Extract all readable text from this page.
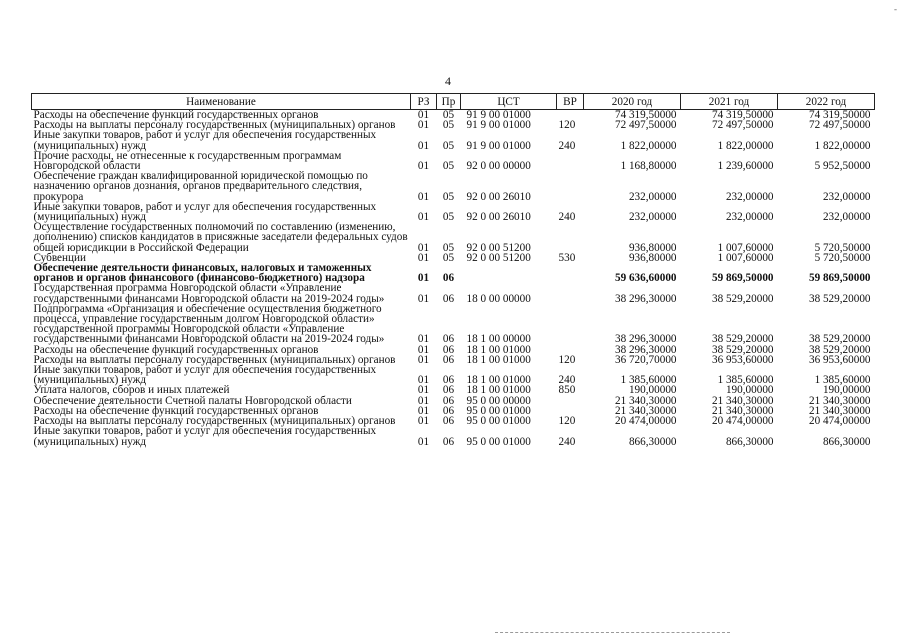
4
Наименование	РЗ	Пр	ЦСТ	ВР	2020 год	2021 год	2022 год
Расходы на обеспечение функций государственных органов	01	05	91 9 00 01000		74 319,50000	74 319,50000	74 319,50000
Расходы на выплаты персоналу государственных (муниципальных) органов	01	05	91 9 00 01000	120	72 497,50000	72 497,50000	72 497,50000
Иные закупки товаров, работ и услуг для обеспечения государственных (муниципальных) нужд	01	05	91 9 00 01000	240	1 822,00000	1 822,00000	1 822,00000
Прочие расходы, не отнесенные к государственным программам Новгородской области	01	05	92 0 00 00000		1 168,80000	1 239,60000	5 952,50000
Обеспечение граждан квалифицированной юридической помощью по назначению органов дознания, органов предварительного следствия, прокурора	01	05	92 0 00 26010		232,00000	232,00000	232,00000
Иные закупки товаров, работ и услуг для обеспечения государственных (муниципальных) нужд	01	05	92 0 00 26010	240	232,00000	232,00000	232,00000
Осуществление государственных полномочий по составлению (изменению, дополнению) списков кандидатов в присяжные заседатели федеральных судов общей юрисдикции в Российской Федерации	01	05	92 0 00 51200		936,80000	1 007,60000	5 720,50000
Субвенции	01	05	92 0 00 51200	530	936,80000	1 007,60000	5 720,50000
Обеспечение деятельности финансовых, налоговых и таможенных органов и органов финансового (финансово-бюджетного) надзора	01	06			59 636,60000	59 869,50000	59 869,50000
Государственная программа Новгородской области «Управление государственными финансами Новгородской области на 2019-2024 годы»	01	06	18 0 00 00000		38 296,30000	38 529,20000	38 529,20000
Подпрограмма «Организация и обеспечение осуществления бюджетного процесса, управление государственным долгом Новгородской области» государственной программы Новгородской области «Управление государственными финансами Новгородской области на 2019-2024 годы»	01	06	18 1 00 00000		38 296,30000	38 529,20000	38 529,20000
Расходы на обеспечение функций государственных органов	01	06	18 1 00 01000		38 296,30000	38 529,20000	38 529,20000
Расходы на выплаты персоналу государственных (муниципальных) органов	01	06	18 1 00 01000	120	36 720,70000	36 953,60000	36 953,60000
Иные закупки товаров, работ и услуг для обеспечения государственных (муниципальных) нужд	01	06	18 1 00 01000	240	1 385,60000	1 385,60000	1 385,60000
Уплата налогов, сборов и иных платежей	01	06	18 1 00 01000	850	190,00000	190,00000	190,00000
Обеспечение деятельности Счетной палаты Новгородской области	01	06	95 0 00 00000		21 340,30000	21 340,30000	21 340,30000
Расходы на обеспечение функций государственных органов	01	06	95 0 00 01000		21 340,30000	21 340,30000	21 340,30000
Расходы на выплаты персоналу государственных (муниципальных) органов	01	06	95 0 00 01000	120	20 474,00000	20 474,00000	20 474,00000
Иные закупки товаров, работ и услуг для обеспечения государственных (муниципальных) нужд	01	06	95 0 00 01000	240	866,30000	866,30000	866,30000
-
